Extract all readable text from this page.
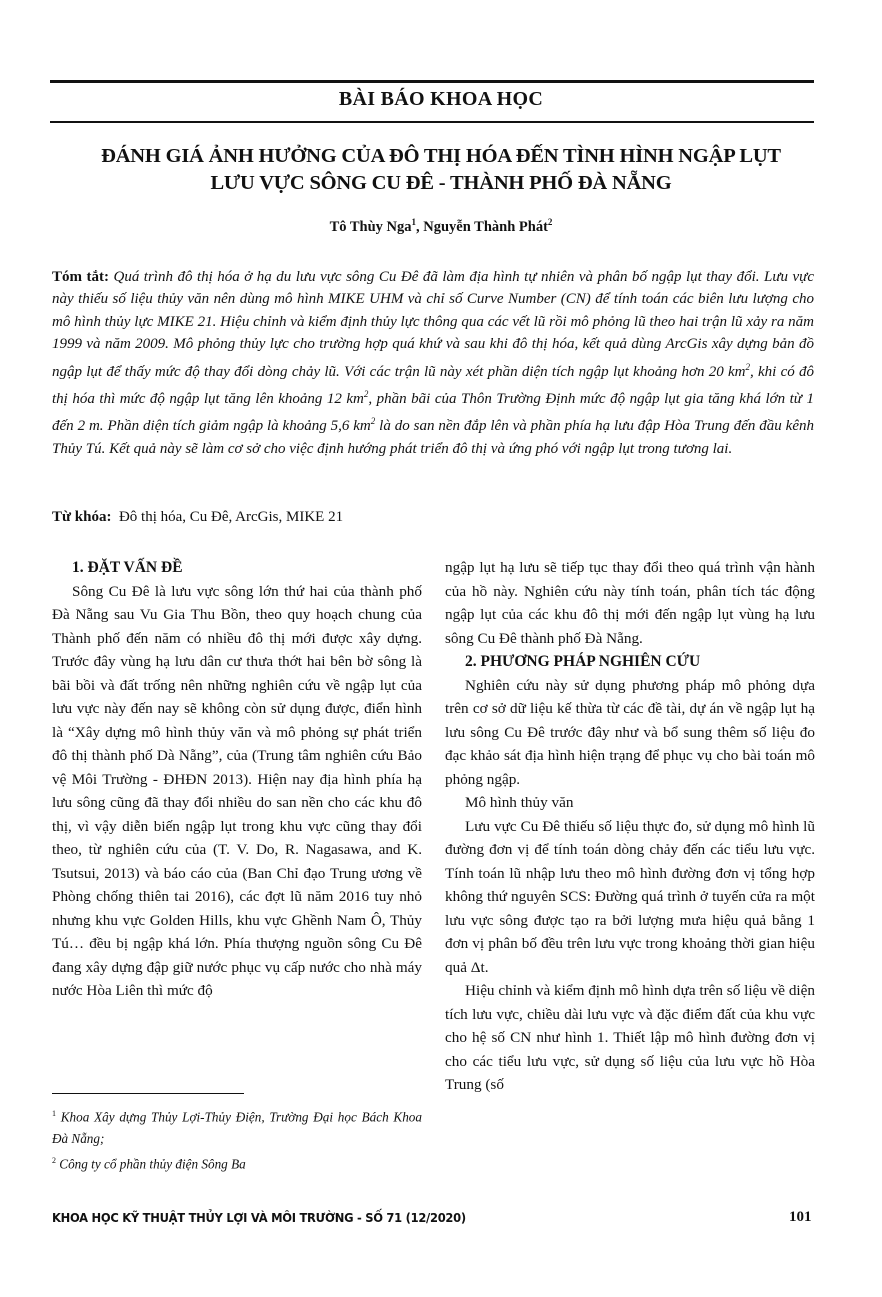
BÀI BÁO KHOA HỌC
ĐÁNH GIÁ ẢNH HƯỞNG CỦA ĐÔ THỊ HÓA ĐẾN TÌNH HÌNH NGẬP LỤT
LƯU VỰC SÔNG CU ĐÊ - THÀNH PHỐ ĐÀ NẴNG
Tô Thùy Nga$^1$, Nguyễn Thành Phát$^2$
Tóm tắt: Quá trình đô thị hóa ở hạ du lưu vực sông Cu Đê đã làm địa hình tự nhiên và phân bố ngập lụt thay đổi. Lưu vực này thiếu số liệu thủy văn nên dùng mô hình MIKE UHM và chỉ số Curve Number (CN) để tính toán các biên lưu lượng cho mô hình thủy lực MIKE 21. Hiệu chỉnh và kiểm định thủy lực thông qua các vết lũ rồi mô phỏng lũ theo hai trận lũ xảy ra năm 1999 và năm 2009. Mô phỏng thủy lực cho trường hợp quá khứ và sau khi đô thị hóa, kết quả dùng ArcGis xây dựng bản đồ ngập lụt để thấy mức độ thay đổi dòng chảy lũ. Với các trận lũ này xét phần diện tích ngập lụt khoảng hơn 20 $km^2$, khi có đô thị hóa thì mức độ ngập lụt tăng lên khoảng 12 $km^2$, phần bãi của Thôn Trường Định mức độ ngập lụt gia tăng khá lớn từ 1 đến 2 m. Phần diện tích giảm ngập là khoảng 5,6 $km^2$ là do san nền đắp lên và phần phía hạ lưu đập Hòa Trung đến đầu kênh Thủy Tú. Kết quả này sẽ làm cơ sở cho việc định hướng phát triển đô thị và ứng phó với ngập lụt trong tương lai.
Từ khóa: Đô thị hóa, Cu Đê, ArcGis, MIKE 21

1. ĐẶT VẤN ĐỀ

Sông Cu Đê là lưu vực sông lớn thứ hai của thành phố Đà Nẵng sau Vu Gia Thu Bồn, theo quy hoạch chung của Thành phố đến năm có nhiều đô thị mới được xây dựng. Trước đây vùng hạ lưu dân cư thưa thớt hai bên bờ sông là bãi bồi và đất trống nên những nghiên cứu về ngập lụt của lưu vực này đến nay sẽ không còn sử dụng được, điển hình là “Xây dựng mô hình thủy văn và mô phỏng sự phát triển đô thị thành phố Dà Nẵng”, của (Trung tâm nghiên cứu Bảo vệ Môi Trường - ĐHĐN 2013). Hiện nay địa hình phía hạ lưu sông cũng đã thay đổi nhiều do san nền cho các khu đô thị, vì vậy diễn biến ngập lụt trong khu vực cũng thay đổi theo, từ nghiên cứu của (T. V. Do, R. Nagasawa, and K. Tsutsui, 2013) và báo cáo của (Ban Chỉ đạo Trung ương về Phòng chống thiên tai 2016), các đợt lũ năm 2016 tuy nhỏ nhưng khu vực Golden Hills, khu vực Ghềnh Nam Ô, Thủy Tú… đều bị ngập khá lớn. Phía thượng nguồn sông Cu Đê đang xây dựng đập giữ nước phục vụ cấp nước cho nhà máy nước Hòa Liên thì mức độ

ngập lụt hạ lưu sẽ tiếp tục thay đổi theo quá trình vận hành của hồ này. Nghiên cứu này tính toán, phân tích tác động ngập lụt của các khu đô thị mới đến ngập lụt vùng hạ lưu sông Cu Đê thành phố Đà Nẵng.

2. PHƯƠNG PHÁP NGHIÊN CỨU

Nghiên cứu này sử dụng phương pháp mô phỏng dựa trên cơ sở dữ liệu kế thừa từ các đề tài, dự án về ngập lụt hạ lưu sông Cu Đê trước đây như và bổ sung thêm số liệu đo đạc khảo sát địa hình hiện trạng để phục vụ cho bài toán mô phỏng ngập.

Mô hình thủy văn

Lưu vực Cu Đê thiếu số liệu thực đo, sử dụng mô hình lũ đường đơn vị để tính toán dòng chảy đến các tiểu lưu vực. Tính toán lũ nhập lưu theo mô hình đường đơn vị tổng hợp không thứ nguyên SCS: Đường quá trình ở tuyến cửa ra một lưu vực sông được tạo ra bởi lượng mưa hiệu quả bằng 1 đơn vị phân bố đều trên lưu vực trong khoảng thời gian hiệu quả Δt.

Hiệu chỉnh và kiểm định mô hình dựa trên số liệu về diện tích lưu vực, chiều dài lưu vực và đặc điểm đất của khu vực cho hệ số CN như hình 1. Thiết lập mô hình đường đơn vị cho các tiểu lưu vực, sử dụng số liệu của lưu vực hồ Hòa Trung (số

$^1$ Khoa Xây dựng Thủy Lợi-Thủy Điện, Trường Đại học Bách Khoa Đà Nẵng;

$^2$ Công ty cổ phần thủy điện Sông Ba

KHOA HỌC KỸ THUẬT THỦY LỢI VÀ MÔI TRƯỜNG - SỐ 71 (12/2020)	101
